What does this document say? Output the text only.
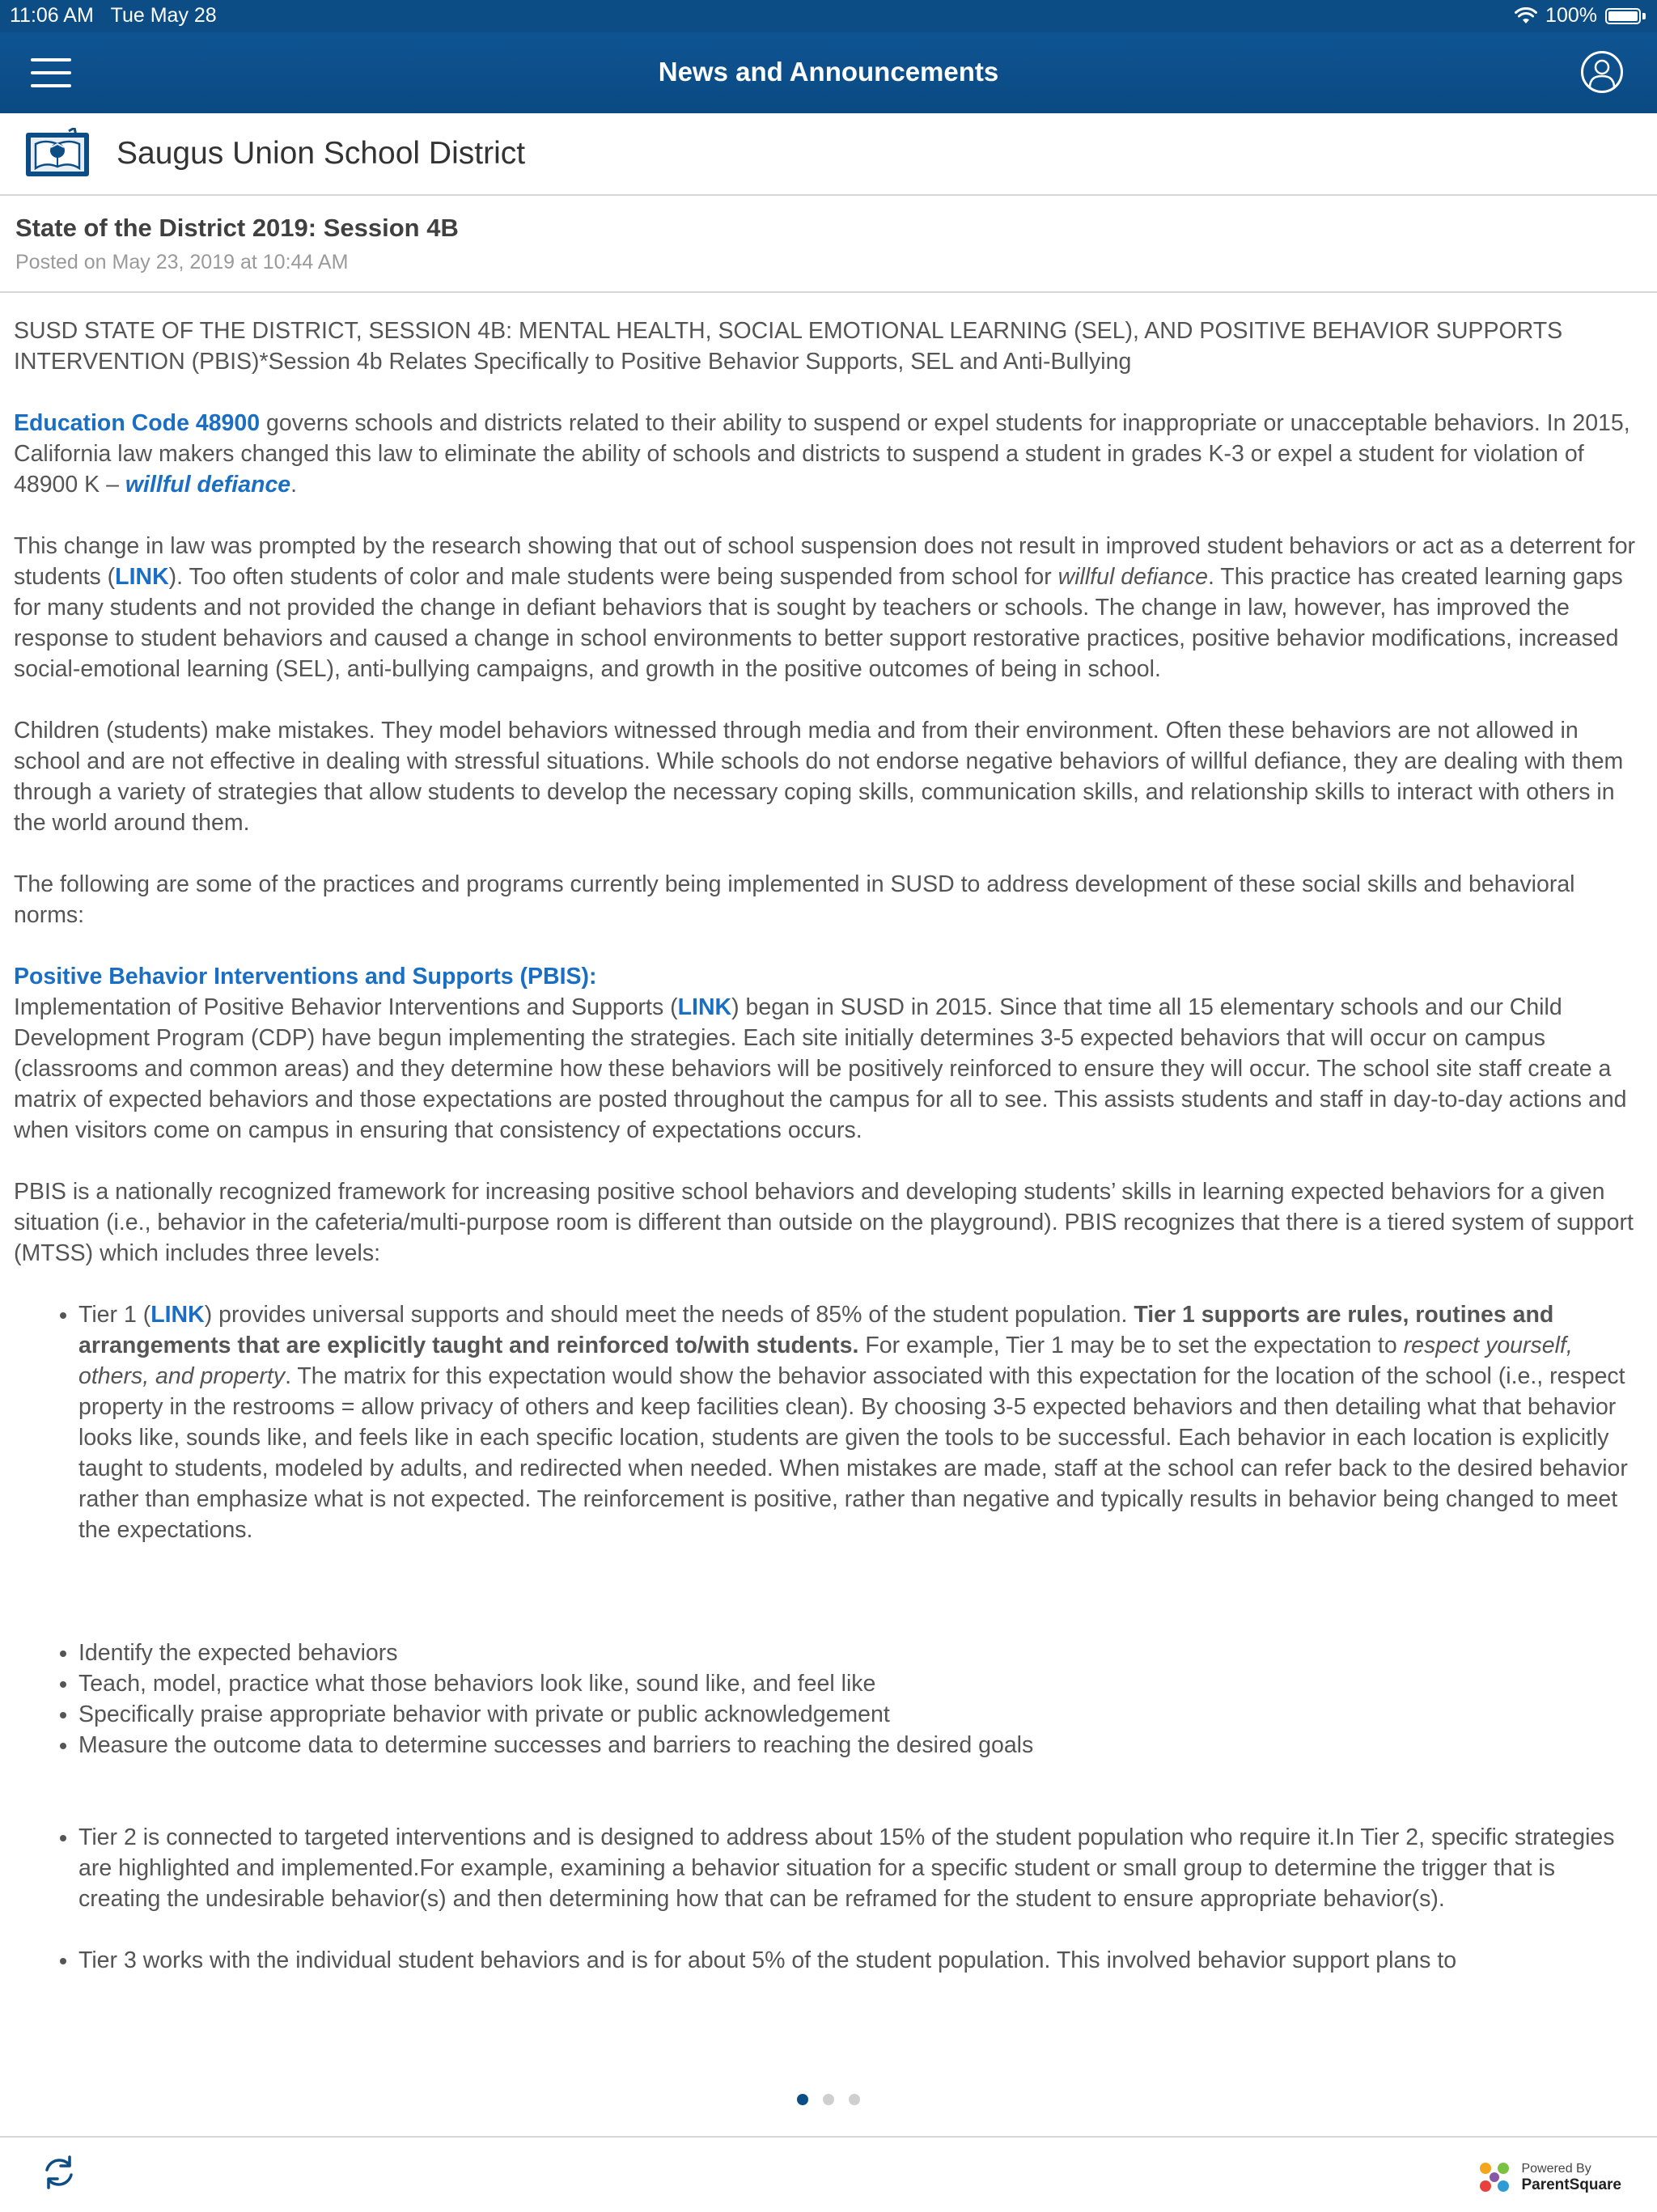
11:06 AM Tue May 28	100%
News and Announcements
Saugus Union School District
State of the District 2019: Session 4B
Posted on May 23, 2019 at 10:44 AM

SUSD STATE OF THE DISTRICT, SESSION 4B: MENTAL HEALTH, SOCIAL EMOTIONAL LEARNING (SEL), AND POSITIVE BEHAVIOR SUPPORTS INTERVENTION (PBIS)*Session 4b Relates Specifically to Positive Behavior Supports, SEL and Anti-Bullying

Education Code 48900 governs schools and districts related to their ability to suspend or expel students for inappropriate or unacceptable behaviors. In 2015, California law makers changed this law to eliminate the ability of schools and districts to suspend a student in grades K-3 or expel a student for violation of 48900 K – willful defiance.

This change in law was prompted by the research showing that out of school suspension does not result in improved student behaviors or act as a deterrent for students (LINK). Too often students of color and male students were being suspended from school for willful defiance. This practice has created learning gaps for many students and not provided the change in defiant behaviors that is sought by teachers or schools. The change in law, however, has improved the response to student behaviors and caused a change in school environments to better support restorative practices, positive behavior modifications, increased social-emotional learning (SEL), anti-bullying campaigns, and growth in the positive outcomes of being in school.

Children (students) make mistakes. They model behaviors witnessed through media and from their environment. Often these behaviors are not allowed in school and are not effective in dealing with stressful situations. While schools do not endorse negative behaviors of willful defiance, they are dealing with them through a variety of strategies that allow students to develop the necessary coping skills, communication skills, and relationship skills to interact with others in the world around them.

The following are some of the practices and programs currently being implemented in SUSD to address development of these social skills and behavioral norms:

Positive Behavior Interventions and Supports (PBIS):
Implementation of Positive Behavior Interventions and Supports (LINK) began in SUSD in 2015. Since that time all 15 elementary schools and our Child Development Program (CDP) have begun implementing the strategies. Each site initially determines 3-5 expected behaviors that will occur on campus (classrooms and common areas) and they determine how these behaviors will be positively reinforced to ensure they will occur. The school site staff create a matrix of expected behaviors and those expectations are posted throughout the campus for all to see. This assists students and staff in day-to-day actions and when visitors come on campus in ensuring that consistency of expectations occurs.

PBIS is a nationally recognized framework for increasing positive school behaviors and developing students’ skills in learning expected behaviors for a given situation (i.e., behavior in the cafeteria/multi-purpose room is different than outside on the playground). PBIS recognizes that there is a tiered system of support (MTSS) which includes three levels:

• Tier 1 (LINK) provides universal supports and should meet the needs of 85% of the student population. Tier 1 supports are rules, routines and arrangements that are explicitly taught and reinforced to/with students. For example, Tier 1 may be to set the expectation to respect yourself, others, and property. The matrix for this expectation would show the behavior associated with this expectation for the location of the school (i.e., respect property in the restrooms = allow privacy of others and keep facilities clean). By choosing 3-5 expected behaviors and then detailing what that behavior looks like, sounds like, and feels like in each specific location, students are given the tools to be successful. Each behavior in each location is explicitly taught to students, modeled by adults, and redirected when needed. When mistakes are made, staff at the school can refer back to the desired behavior rather than emphasize what is not expected. The reinforcement is positive, rather than negative and typically results in behavior being changed to meet the expectations.
• Identify the expected behaviors
• Teach, model, practice what those behaviors look like, sound like, and feel like
• Specifically praise appropriate behavior with private or public acknowledgement
• Measure the outcome data to determine successes and barriers to reaching the desired goals
• Tier 2 is connected to targeted interventions and is designed to address about 15% of the student population who require it.In Tier 2, specific strategies are highlighted and implemented.For example, examining a behavior situation for a specific student or small group to determine the trigger that is creating the undesirable behavior(s) and then determining how that can be reframed for the student to ensure appropriate behavior(s).
• Tier 3 works with the individual student behaviors and is for about 5% of the student population. This involved behavior support plans to
Powered By
ParentSquare
